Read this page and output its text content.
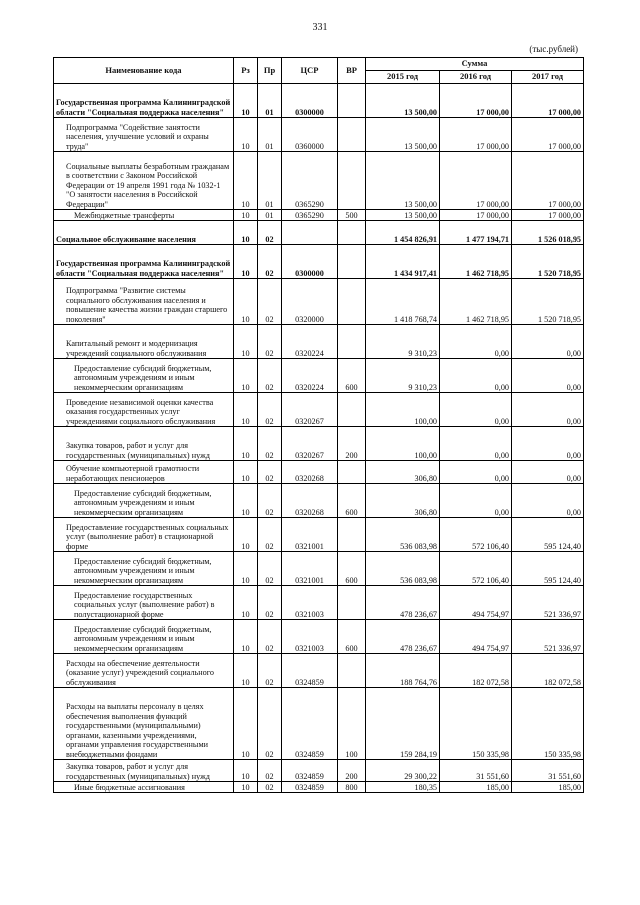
331
(тыс.рублей)
Наименование кода	Рз	Пр	ЦСР	ВР	Сумма		
					2015 год	2016 год	2017 год
Государственная программа Калининградской области "Социальная поддержка населения"	10	01	0300000		13 500,00	17 000,00	17 000,00
Подпрограмма "Содействие занятости населения, улучшение условий и охраны труда"	10	01	0360000		13 500,00	17 000,00	17 000,00
Социальные выплаты безработным гражданам в соответствии с Законом Российской Федерации от 19 апреля 1991 года № 1032-1 "О занятости населения в Российской Федерации"	10	01	0365290		13 500,00	17 000,00	17 000,00
Межбюджетные трансферты	10	01	0365290	500	13 500,00	17 000,00	17 000,00
Социальное обслуживание населения	10	02			1 454 826,91	1 477 194,71	1 526 018,95
Государственная программа Калининградской области "Социальная поддержка населения"	10	02	0300000		1 434 917,41	1 462 718,95	1 520 718,95
Подпрограмма "Развитие системы социального обслуживания населения и повышение качества жизни граждан старшего поколения"	10	02	0320000		1 418 768,74	1 462 718,95	1 520 718,95
Капитальный ремонт и модернизация учреждений социального обслуживания	10	02	0320224		9 310,23	0,00	0,00
Предоставление субсидий бюджетным, автономным учреждениям и иным некоммерческим организациям	10	02	0320224	600	9 310,23	0,00	0,00
Проведение независимой оценки качества оказания государственных услуг учреждениями социального обслуживания	10	02	0320267		100,00	0,00	0,00
Закупка товаров, работ и услуг для государственных (муниципальных) нужд	10	02	0320267	200	100,00	0,00	0,00
Обучение компьютерной грамотности неработающих пенсионеров	10	02	0320268		306,80	0,00	0,00
Предоставление субсидий бюджетным, автономным учреждениям и иным некоммерческим организациям	10	02	0320268	600	306,80	0,00	0,00
Предоставление государственных социальных услуг (выполнение работ) в стационарной форме	10	02	0321001		536 083,98	572 106,40	595 124,40
Предоставление субсидий бюджетным, автономным учреждениям и иным некоммерческим организациям	10	02	0321001	600	536 083,98	572 106,40	595 124,40
Предоставление государственных социальных услуг (выполнение работ) в полустационарной форме	10	02	0321003		478 236,67	494 754,97	521 336,97
Предоставление субсидий бюджетным, автономным учреждениям и иным некоммерческим организациям	10	02	0321003	600	478 236,67	494 754,97	521 336,97
Расходы на обеспечение деятельности (оказание услуг) учреждений социального обслуживания	10	02	0324859		188 764,76	182 072,58	182 072,58
Расходы на выплаты персоналу в целях обеспечения выполнения функций государственными (муниципальными) органами, казенными учреждениями, органами управления государственными внебюджетными фондами	10	02	0324859	100	159 284,19	150 335,98	150 335,98
Закупка товаров, работ и услуг для государственных (муниципальных) нужд	10	02	0324859	200	29 300,22	31 551,60	31 551,60
Иные бюджетные ассигнования	10	02	0324859	800	180,35	185,00	185,00
